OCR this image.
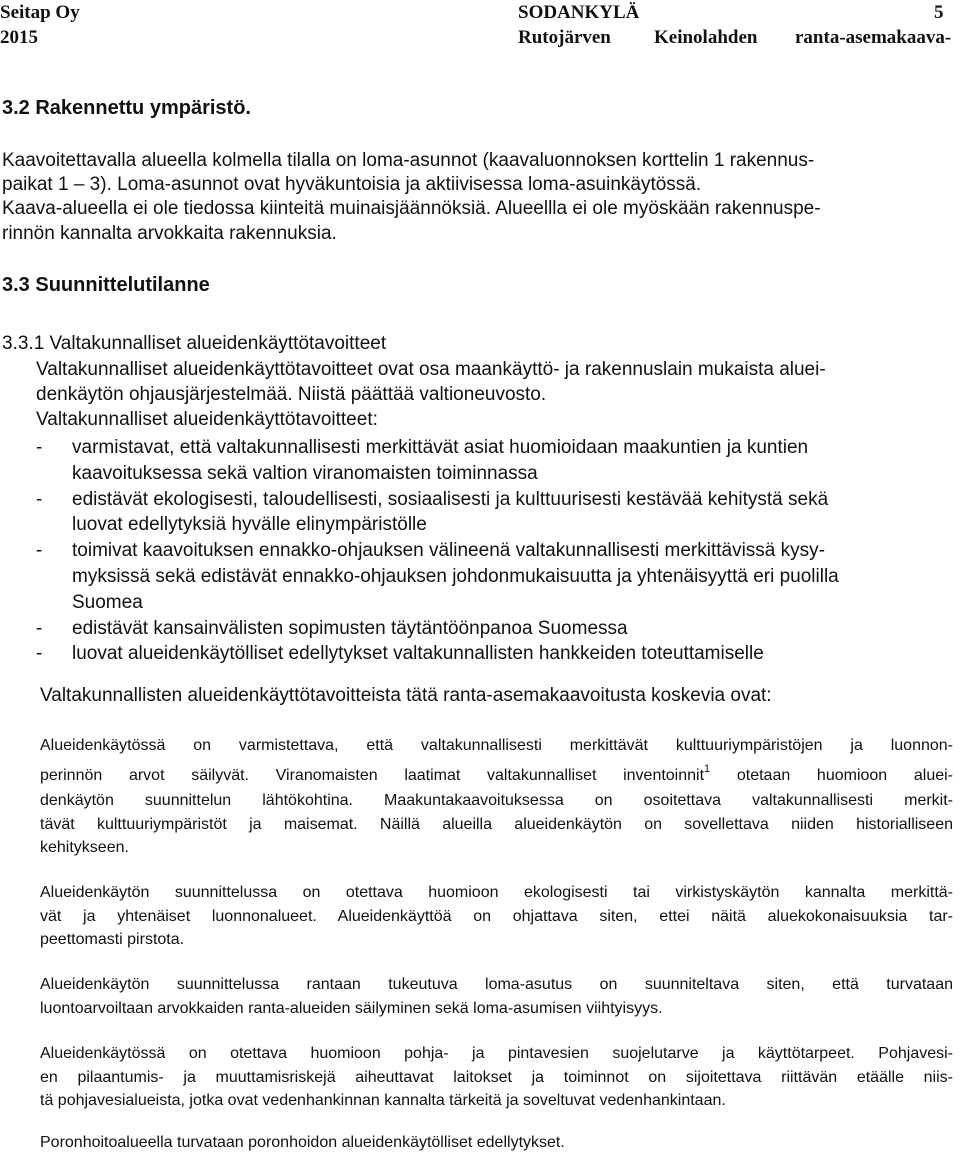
Seitap Oy
2015
SODANKYLÄ	5
Rutojärven Keinolahden ranta-asemakaava-
3.2 Rakennettu ympäristö.
Kaavoitettavalla alueella kolmella tilalla on loma-asunnot (kaavaluonnoksen korttelin 1 rakennus-
paikat 1 – 3). Loma-asunnot ovat hyväkuntoisia ja aktiivisessa loma-asuinkäytössä.
Kaava-alueella ei ole tiedossa kiinteitä muinaisjäännöksiä. Alueellla ei ole myöskään rakennuspe-
rinnön kannalta arvokkaita rakennuksia.
3.3 Suunnittelutilanne
3.3.1 Valtakunnalliset alueidenkäyttötavoitteet
Valtakunnalliset alueidenkäyttötavoitteet ovat osa maankäyttö- ja rakennuslain mukaista aluei-
denkäytön ohjausjärjestelmää. Niistä päättää valtioneuvosto.
Valtakunnalliset alueidenkäyttötavoitteet:
-	varmistavat, että valtakunnallisesti merkittävät asiat huomioidaan maakuntien ja kuntien
kaavoituksessa sekä valtion viranomaisten toiminnassa
-	edistävät ekologisesti, taloudellisesti, sosiaalisesti ja kulttuurisesti kestävää kehitystä sekä
luovat edellytyksiä hyvälle elinympäristölle
-	toimivat kaavoituksen ennakko-ohjauksen välineenä valtakunnallisesti merkittävissä kysy-
myksissä sekä edistävät ennakko-ohjauksen johdonmukaisuutta ja yhtenäisyyttä eri puolilla
Suomea
-	edistävät kansainvälisten sopimusten täytäntöönpanoa Suomessa
-	luovat alueidenkäytölliset edellytykset valtakunnallisten hankkeiden toteuttamiselle
Valtakunnallisten alueidenkäyttötavoitteista tätä ranta-asemakaavoitusta koskevia ovat:
Alueidenkäytössä on varmistettava, että valtakunnallisesti merkittävät kulttuuriympäristöjen ja luonnon-
perinnön arvot säilyvät. Viranomaisten laatimat valtakunnalliset inventoinnit$^1$ otetaan huomioon aluei-
denkäytön suunnittelun lähtökohtina. Maakuntakaavoituksessa on osoitettava valtakunnallisesti merkit-
tävät kulttuuriympäristöt ja maisemat. Näillä alueilla alueidenkäytön on sovellettava niiden historialliseen
kehitykseen.
Alueidenkäytön suunnittelussa on otettava huomioon ekologisesti tai virkistyskäytön kannalta merkittä-
vät ja yhtenäiset luonnonalueet. Alueidenkäyttöä on ohjattava siten, ettei näitä aluekokonaisuuksia tar-
peettomasti pirstota.
Alueidenkäytön suunnittelussa rantaan tukeutuva loma-asutus on suunniteltava siten, että turvataan
luontoarvoiltaan arvokkaiden ranta-alueiden säilyminen sekä loma-asumisen viihtyisyys.
Alueidenkäytössä on otettava huomioon pohja- ja pintavesien suojelutarve ja käyttötarpeet. Pohjavesi-
en pilaantumis- ja muuttamisriskejä aiheuttavat laitokset ja toiminnot on sijoitettava riittävän etäälle niis-
tä pohjavesialueista, jotka ovat vedenhankinnan kannalta tärkeitä ja soveltuvat vedenhankintaan.
Poronhoitoalueella turvataan poronhoidon alueidenkäytölliset edellytykset.
